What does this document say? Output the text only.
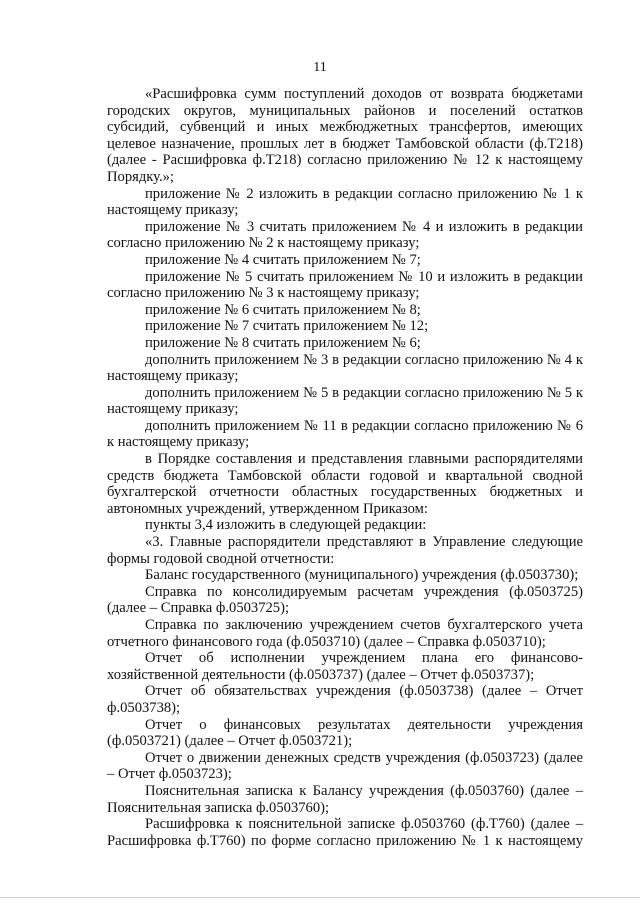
11

«Расшифровка сумм поступлений доходов от возврата бюджетами городских округов, муниципальных районов и поселений остатков субсидий, субвенций и иных межбюджетных трансфертов, имеющих целевое назначение, прошлых лет в бюджет Тамбовской области (ф.Т218) (далее - Расшифровка ф.Т218) согласно приложению № 12 к настоящему Порядку.»;

приложение № 2 изложить в редакции согласно приложению № 1 к настоящему приказу;

приложение № 3 считать приложением № 4 и изложить в редакции согласно приложению № 2 к настоящему приказу;

приложение № 4 считать приложением № 7;

приложение № 5 считать приложением № 10 и изложить в редакции согласно приложению № 3 к настоящему приказу;

приложение № 6 считать приложением № 8;

приложение № 7 считать приложением № 12;

приложение № 8 считать приложением № 6;

дополнить приложением № 3 в редакции согласно приложению № 4 к настоящему приказу;

дополнить приложением № 5 в редакции согласно приложению № 5 к настоящему приказу;

дополнить приложением № 11 в редакции согласно приложению № 6 к настоящему приказу;

в Порядке составления и представления главными распорядителями средств бюджета Тамбовской области годовой и квартальной сводной бухгалтерской отчетности областных государственных бюджетных и автономных учреждений, утвержденном Приказом:

пункты 3,4 изложить в следующей редакции:

«3. Главные распорядители представляют в Управление следующие формы годовой сводной отчетности:

Баланс государственного (муниципального) учреждения (ф.0503730);

Справка по консолидируемым расчетам учреждения (ф.0503725) (далее – Справка ф.0503725);

Справка по заключению учреждением счетов бухгалтерского учета отчетного финансового года (ф.0503710) (далее – Справка ф.0503710);

Отчет об исполнении учреждением плана его финансово-хозяйственной деятельности (ф.0503737) (далее – Отчет ф.0503737);

Отчет об обязательствах учреждения (ф.0503738) (далее – Отчет ф.0503738);

Отчет о финансовых результатах деятельности учреждения (ф.0503721) (далее – Отчет ф.0503721);

Отчет о движении денежных средств учреждения (ф.0503723) (далее – Отчет ф.0503723);

Пояснительная записка к Балансу учреждения (ф.0503760) (далее – Пояснительная записка ф.0503760);

Расшифровка к пояснительной записке ф.0503760 (ф.Т760) (далее – Расшифровка ф.Т760) по форме согласно приложению № 1 к настоящему
